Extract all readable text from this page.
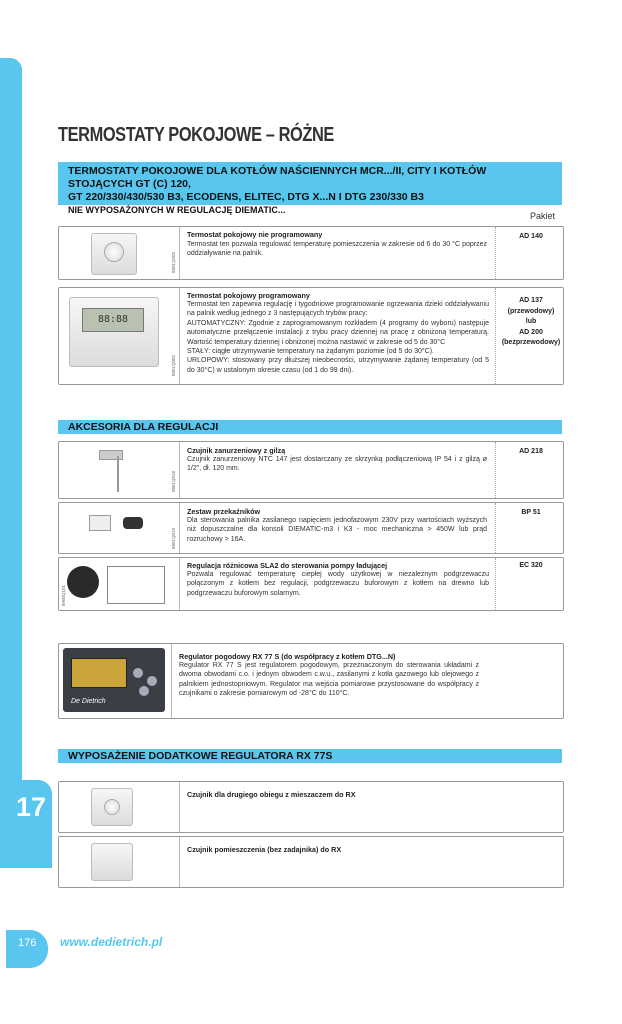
SYSTEMY REGULACJI
17
176 www.dedietrich.pl
TERMOSTATY POKOJOWE – RÓŻNE
TERMOSTATY POKOJOWE DLA KOTŁÓW NAŚCIENNYCH MCR.../II, CITY I KOTŁÓW STOJĄCYCH GT (C) 120,
GT 220/330/430/530 B3, ECODENS, ELITEC, DTG X...N I DTG 230/330 B3
NIE WYPOSAŻONYCH W REGULACJĘ DIEMATIC...
Pakiet
8801Q003
Termostat pokojowy nie programowany
Termostat ten pozwala regulować temperaturę pomieszczenia w zakresie od 6 do 30 °C poprzez oddziaływanie na palnik.
AD 140
88:88
8801Q002
Termostat pokojowy programowany
Termostat ten zapewnia regulację i tygodniowe programowanie ogrzewania dzieki oddziaływaniu na palnik według jednego z 3 następujących trybów pracy:
AUTOMATYCZNY: Zgodnie z zaprogramowanym rozkładem (4 programy do wyboru) następuje automatyczne przełączenie instalacji z trybu pracy dziennej na pracę z obniżoną temperaturą. Wartość temperatury dziennej i obniżonej można nastawić w zakresie od 5 do 30°C
STAŁY: ciągłe utrzymywanie temperatury na żądanym poziomie (od 5 do 30°C).
URLOPOWY: stosowany przy dłuższej nieobecności, utrzymywanie żądanej temperatury (od 5 do 30°C) w ustalonym okresie czasu (od 1 do 99 dni).
AD 137
(przewodowy)
lub
AD 200
(bezprzewodowy)
AKCESORIA DLA REGULACJI
8801Q018
Czujnik zanurzeniowy z gilzą
Czujnik zanurzeniowy NTC 147 jest dostarczany ze skrzynką podłączeniową IP 54 i z gilzą ø 1/2", dł. 120 mm.
AD 218
8801Q019
Zestaw przekaźników
Dla sterowania palnika zasilanego napięciem jednofazowym 230V przy wartościach wyższych niż dopuszczalne dla konsoli DIEMATIC-m3 i K3 - moc mechaniczna > 450W lub prąd rozruchowy > 16A.
BP 51
8900Q101
Regulacja różnicowa SLA2 do sterowania pompy ładującej
Pozwala regulować temperaturę ciepłej wody użytkowej w niezależnym podgrzewaczu połączonym z kotłem bez regulacji, podgrzewaczu buforowym z kotłem na drewno lub podgrzewaczu buforowym solarnym.
EC 320
De Dietrich
Regulator pogodowy RX 77 S (do współpracy z kotłem DTG...N)
Regulator RX 77 S jest regulatorem pogodowym, przeznaczonym do sterowania układami z dwoma obwodami c.o. i jednym obwodem c.w.u., zasilanymi z kotła gazowego lub olejowego z palnikiem jednostopniowym. Regulator ma wejścia pomiarowe przystosowane do współpracy z czujnikami o zakresie pomiarowym od -28°C do 110°C.
WYPOSAŻENIE DODATKOWE REGULATORA RX 77S
Czujnik dla drugiego obiegu z mieszaczem do RX
Czujnik pomieszczenia (bez zadajnika) do RX
